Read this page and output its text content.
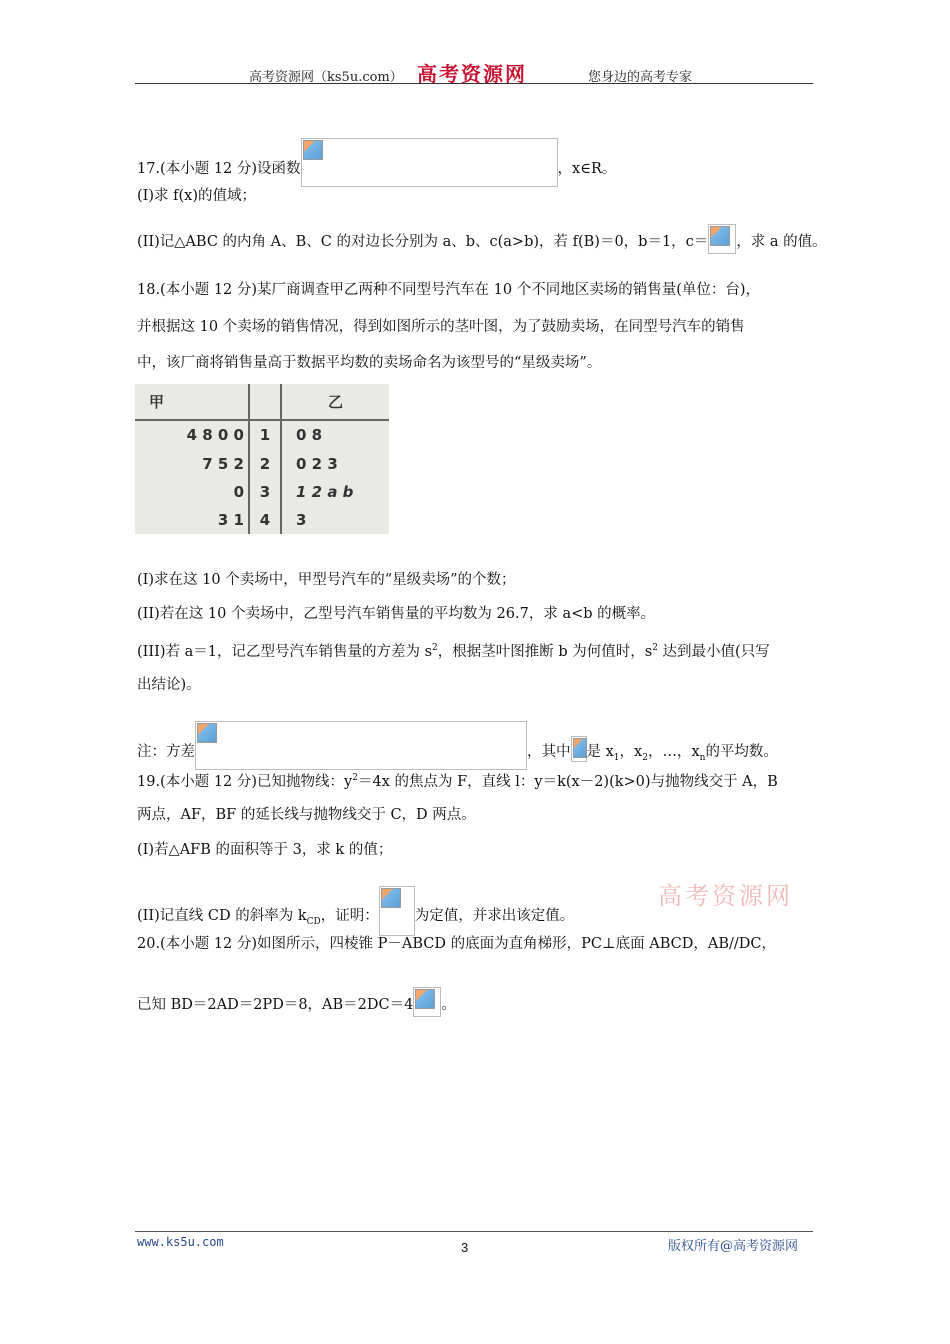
高考资源网（ks5u.com） 高考资源网	您身边的高考专家
17.(本小题 12 分)设函数	，x∈R。
(I)求 f(x)的值域；
(II)记△ABC 的内角 A、B、C 的对边长分别为 a、b、c(a>b)，若 f(B)＝0，b＝1，c＝ ，求 a 的值。
18.(本小题 12 分)某厂商调查甲乙两种不同型号汽车在 10 个不同地区卖场的销售量(单位：台)，
并根据这 10 个卖场的销售情况，得到如图所示的茎叶图，为了鼓励卖场，在同型号汽车的销售
中，该厂商将销售量高于数据平均数的卖场命名为该型号的“星级卖场”。
甲		乙
4 8 0 0	1	0 8
7 5 2	2	0 2 3
0	3	1 2 a b
3 1	4	3
(I)求在这 10 个卖场中，甲型号汽车的“星级卖场”的个数；
(II)若在这 10 个卖场中，乙型号汽车销售量的平均数为 26.7，求 a<b 的概率。
(III)若 a＝1，记乙型号汽车销售量的方差为 $s^2$，根据茎叶图推断 b 为何值时，$s^2$ 达到最小值(只写
出结论)。
注：方差	，其中 是 $x_1$，$x_2$，…，$x_n$的平均数。
19.(本小题 12 分)已知抛物线：$y^2=4x$ 的焦点为 F，直线 l：y＝k(x－2)(k>0)与抛物线交于 A，B
两点，AF，BF 的延长线与抛物线交于 C，D 两点。
(I)若△AFB 的面积等于 3，求 k 的值；
(II)记直线 CD 的斜率为 $k_{CD}$，证明： 为定值，并求出该定值。
高考资源网
20.(本小题 12 分)如图所示，四棱锥 P－ABCD 的底面为直角梯形，PC⊥底面 ABCD，AB//DC，
已知 BD＝2AD＝2PD＝8，AB＝2DC＝4 。
www.ks5u.com	3	版权所有@高考资源网
